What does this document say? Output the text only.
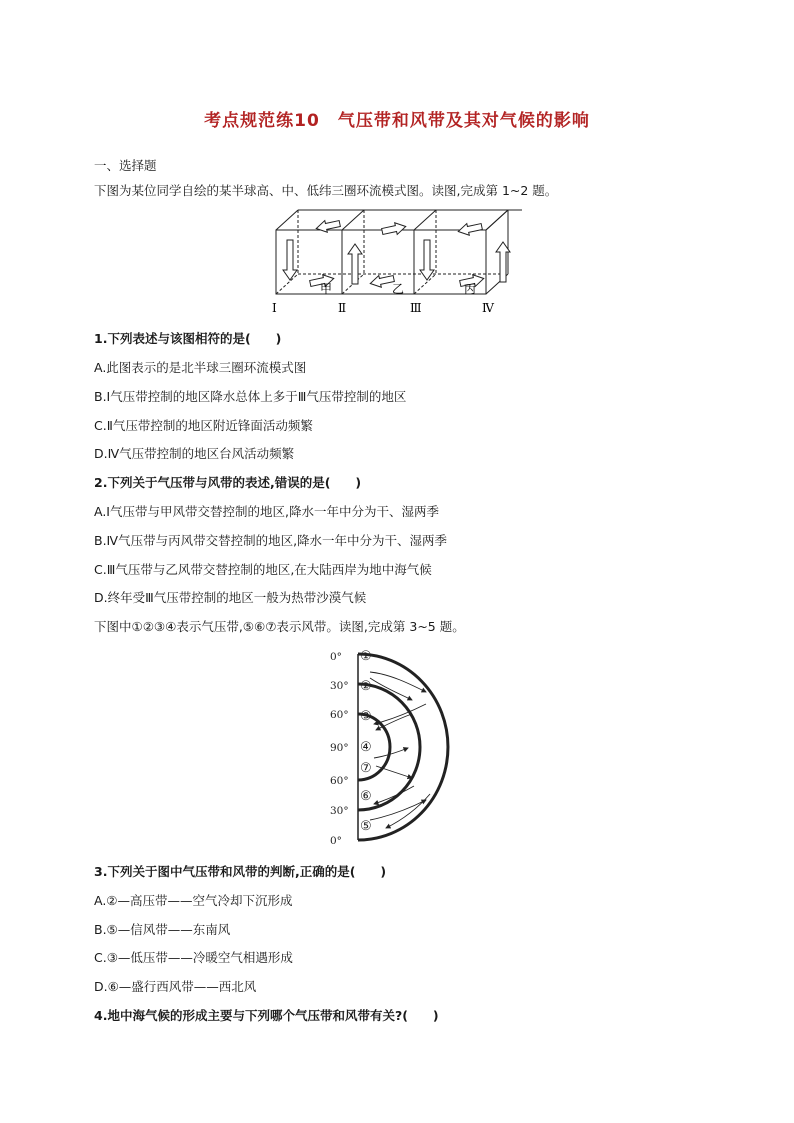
考点规范练10　气压带和风带及其对气候的影响
一、选择题
下图为某位同学自绘的某半球高、中、低纬三圈环流模式图。读图,完成第 1~2 题。
甲	乙	丙
Ⅰ	Ⅱ	Ⅲ	Ⅳ
1.下列表述与该图相符的是(　　)
A.此图表示的是北半球三圈环流模式图
B.Ⅰ气压带控制的地区降水总体上多于Ⅲ气压带控制的地区
C.Ⅱ气压带控制的地区附近锋面活动频繁
D.Ⅳ气压带控制的地区台风活动频繁
2.下列关于气压带与风带的表述,错误的是(　　)
A.Ⅰ气压带与甲风带交替控制的地区,降水一年中分为干、湿两季
B.Ⅳ气压带与丙风带交替控制的地区,降水一年中分为干、湿两季
C.Ⅲ气压带与乙风带交替控制的地区,在大陆西岸为地中海气候
D.终年受Ⅲ气压带控制的地区一般为热带沙漠气候
下图中①②③④表示气压带,⑤⑥⑦表示风带。读图,完成第 3~5 题。
0°
30°
60°
90°
60°
30°
0°
①
②
③
④
⑦
⑥
⑤
3.下列关于图中气压带和风带的判断,正确的是(　　)
A.②—高压带——空气冷却下沉形成
B.⑤—信风带——东南风
C.③—低压带——冷暖空气相遇形成
D.⑥—盛行西风带——西北风
4.地中海气候的形成主要与下列哪个气压带和风带有关?(　　)
